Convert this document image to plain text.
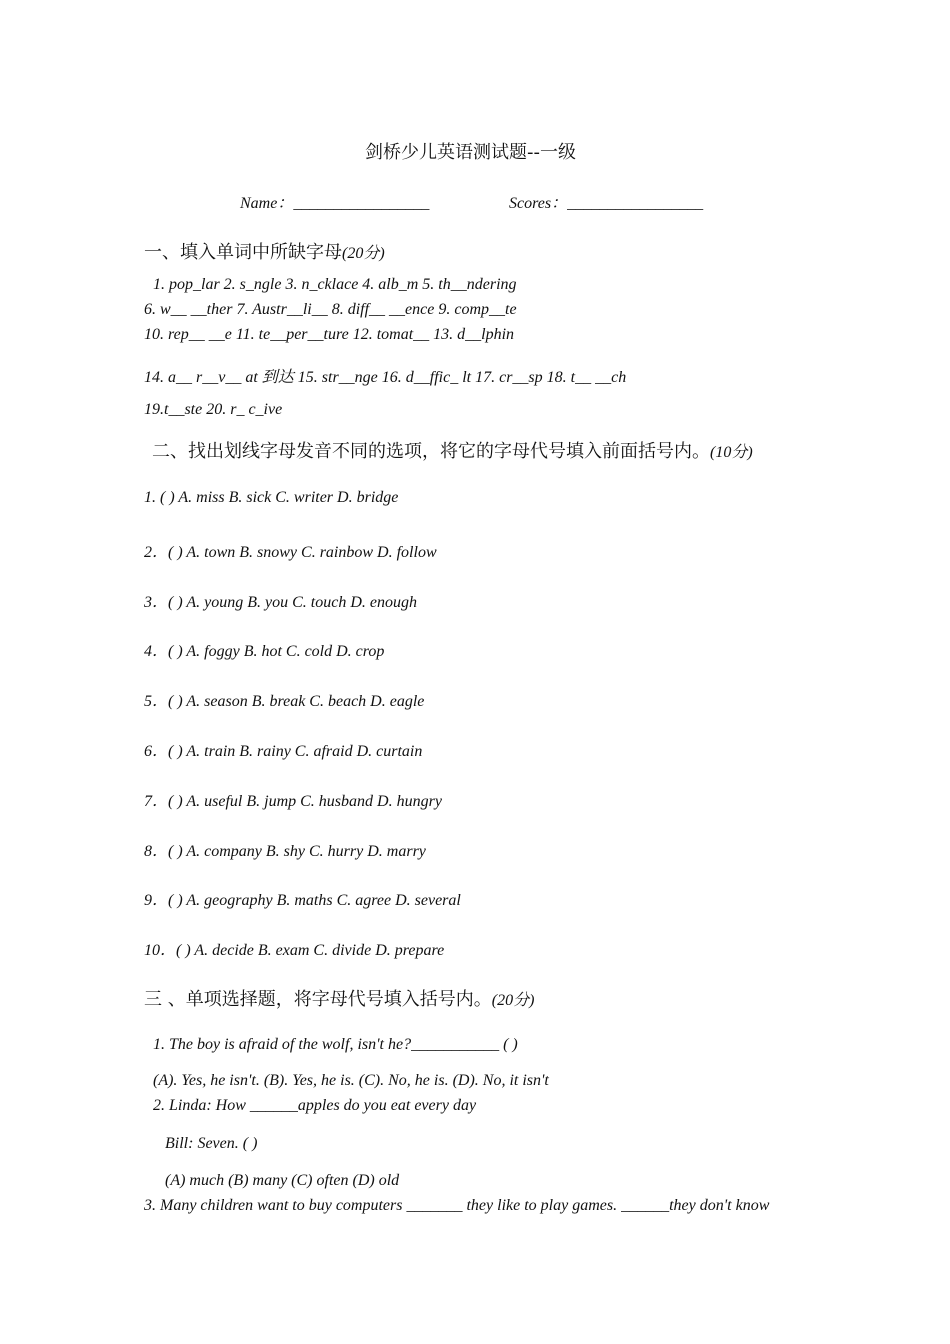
剑桥少儿英语测试题--一级
Name：_________________	Scores：_________________
一、填入单词中所缺字母(20分)
1. pop_lar 2. s_ngle 3. n_cklace 4. alb_m 5. th__ndering
6. w__ __ther 7. Austr__li__ 8. diff__ __ence 9. comp__te
10. rep__ __e 11. te__per__ture 12. tomat__ 13. d__lphin
14. a__ r__v__ at 到达 15. str__nge 16. d__ffic_ lt 17. cr__sp 18. t__ __ch
19.t__ste 20. r_ c_ive
二、找出划线字母发音不同的选项，将它的字母代号填入前面括号内。(10分)
1. ( ) A. miss B. sick C. writer D. bridge
2．( ) A. town B. snowy C. rainbow D. follow
3．( ) A. young B. you C. touch D. enough
4．( ) A. foggy B. hot C. cold D. crop
5．( ) A. season B. break C. beach D. eagle
6．( ) A. train B. rainy C. afraid D. curtain
7．( ) A. useful B. jump C. husband D. hungry
8．( ) A. company B. shy C. hurry D. marry
9．( ) A. geography B. maths C. agree D. several
10．( ) A. decide B. exam C. divide D. prepare
三 、单项选择题，将字母代号填入括号内。(20分)
1. The boy is afraid of the wolf, isn't he?___________ ( )
(A). Yes, he isn't. (B). Yes, he is. (C). No, he is. (D). No, it isn't
2. Linda: How ______apples do you eat every day
Bill: Seven. ( )
(A) much (B) many (C) often (D) old
3. Many children want to buy computers _______ they like to play games. ______they don't know
